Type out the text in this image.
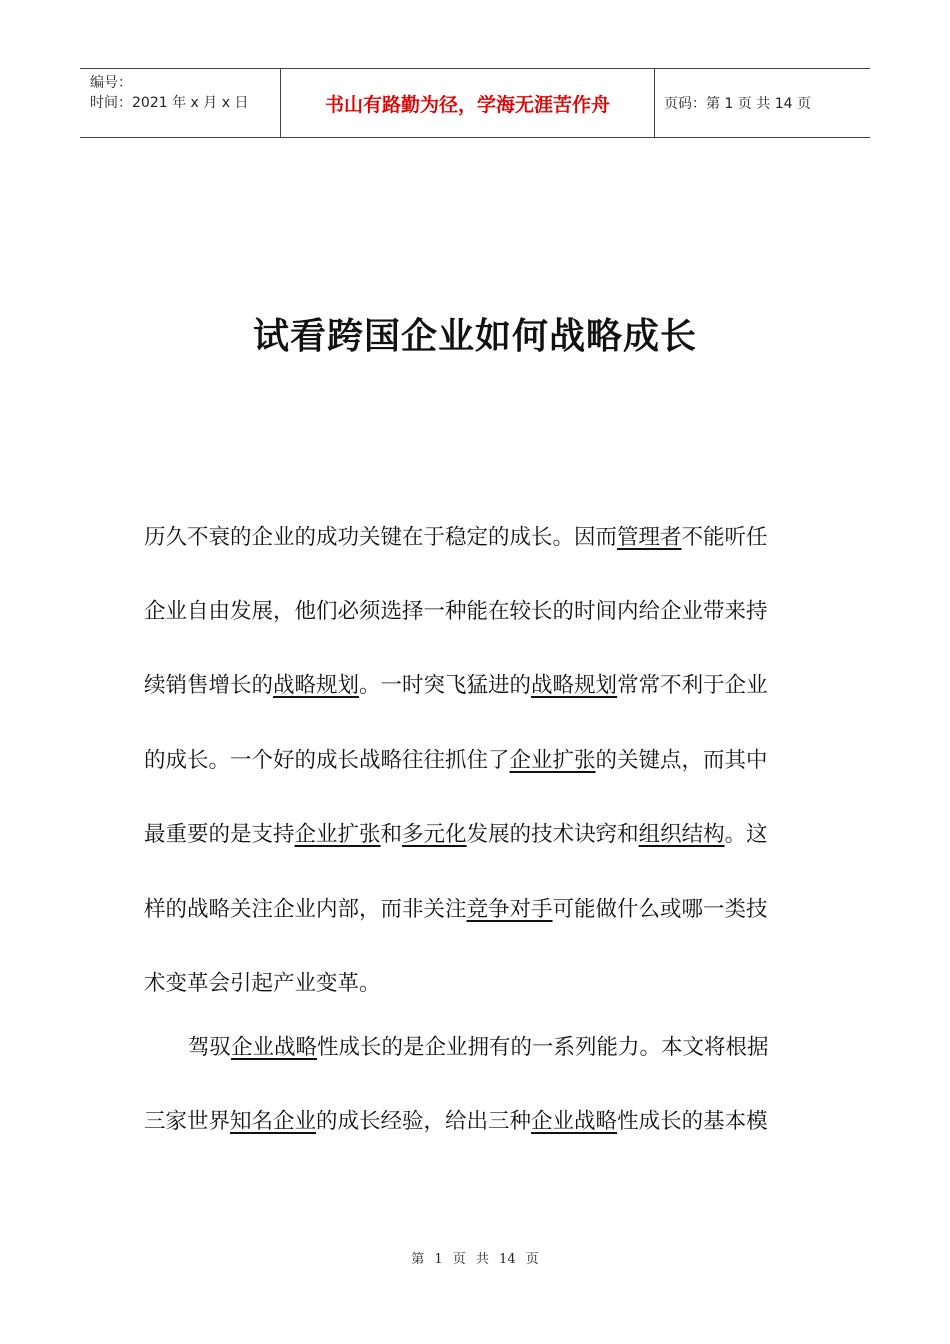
编号：
时间：2021 年 x 月 x 日	书山有路勤为径，学海无涯苦作舟	页码：第 1 页 共 14 页
试看跨国企业如何战略成长
历久不衰的企业的成功关键在于稳定的成长。因而管理者不能听任
企业自由发展，他们必须选择一种能在较长的时间内给企业带来持
续销售增长的战略规划。一时突飞猛进的战略规划常常不利于企业
的成长。一个好的成长战略往往抓住了企业扩张的关键点，而其中
最重要的是支持企业扩张和多元化发展的技术诀窍和组织结构。这
样的战略关注企业内部，而非关注竞争对手可能做什么或哪一类技
术变革会引起产业变革。
驾驭企业战略性成长的是企业拥有的一系列能力。本文将根据
三家世界知名企业的成长经验，给出三种企业战略性成长的基本模
第 1 页 共 14 页
